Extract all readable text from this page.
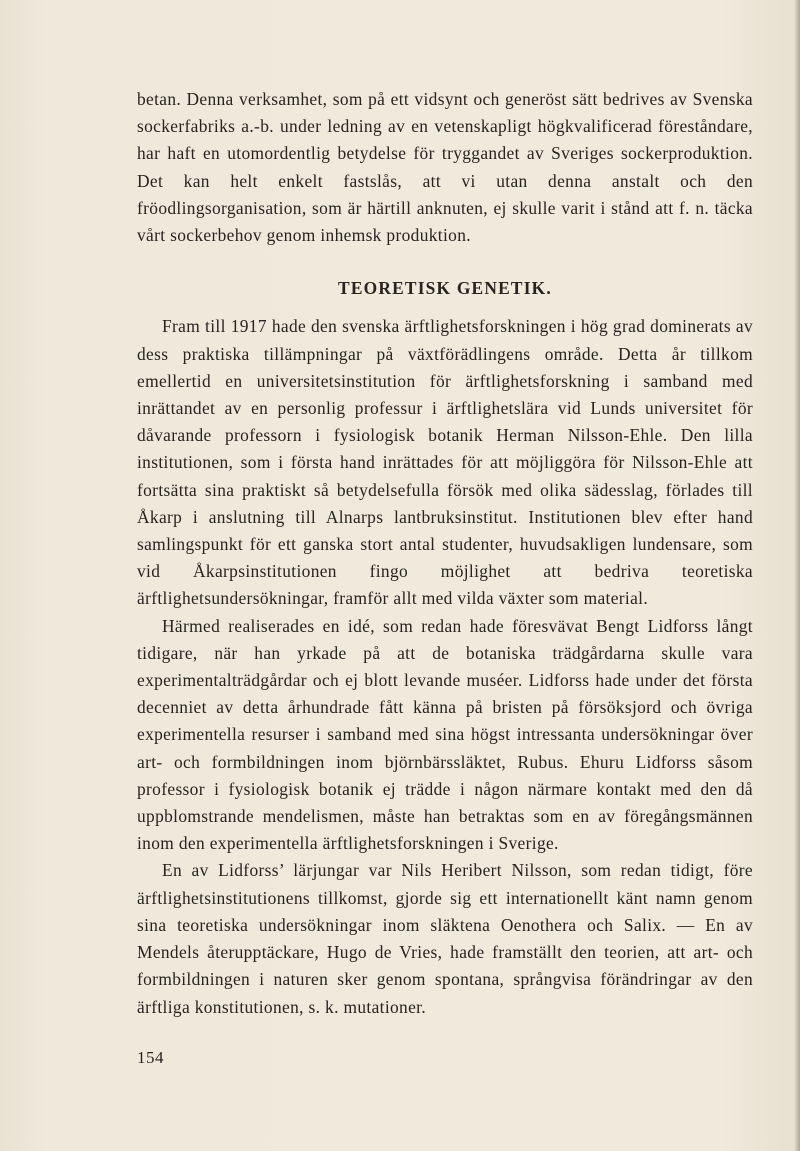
betan. Denna verksamhet, som på ett vidsynt och generöst sätt bedrives av Svenska sockerfabriks a.-b. under ledning av en vetenskapligt högkvalificerad föreståndare, har haft en utomordentlig betydelse för tryggandet av Sveriges sockerproduktion. Det kan helt enkelt fastslås, att vi utan denna anstalt och den fröodlingsorganisation, som är härtill anknuten, ej skulle varit i stånd att f. n. täcka vårt sockerbehov genom inhemsk produktion.

TEORETISK GENETIK.

Fram till 1917 hade den svenska ärftlighetsforskningen i hög grad dominerats av dess praktiska tillämpningar på växtförädlingens område. Detta år tillkom emellertid en universitetsinstitution för ärftlighetsforskning i samband med inrättandet av en personlig professur i ärftlighetslära vid Lunds universitet för dåvarande professorn i fysiologisk botanik Herman Nilsson-Ehle. Den lilla institutionen, som i första hand inrättades för att möjliggöra för Nilsson-Ehle att fortsätta sina praktiskt så betydelsefulla försök med olika sädesslag, förlades till Åkarp i anslutning till Alnarps lantbruksinstitut. Institutionen blev efter hand samlingspunkt för ett ganska stort antal studenter, huvudsakligen lundensare, som vid Åkarpsinstitutionen fingo möjlighet att bedriva teoretiska ärftlighetsundersökningar, framför allt med vilda växter som material.

Härmed realiserades en idé, som redan hade föresvävat Bengt Lidforss långt tidigare, när han yrkade på att de botaniska trädgårdarna skulle vara experimentalträdgårdar och ej blott levande muséer. Lidforss hade under det första decenniet av detta århundrade fått känna på bristen på försöksjord och övriga experimentella resurser i samband med sina högst intressanta undersökningar över art- och formbildningen inom björnbärssläktet, Rubus. Ehuru Lidforss såsom professor i fysiologisk botanik ej trädde i någon närmare kontakt med den då uppblomstrande mendelismen, måste han betraktas som en av föregångsmännen inom den experimentella ärftlighetsforskningen i Sverige.

En av Lidforss’ lärjungar var Nils Heribert Nilsson, som redan tidigt, före ärftlighetsinstitutionens tillkomst, gjorde sig ett internationellt känt namn genom sina teoretiska undersökningar inom släktena Oenothera och Salix. — En av Mendels återupptäckare, Hugo de Vries, hade framställt den teorien, att art- och formbildningen i naturen sker genom spontana, språngvisa förändringar av den ärftliga konstitutionen, s. k. mutationer.

154
